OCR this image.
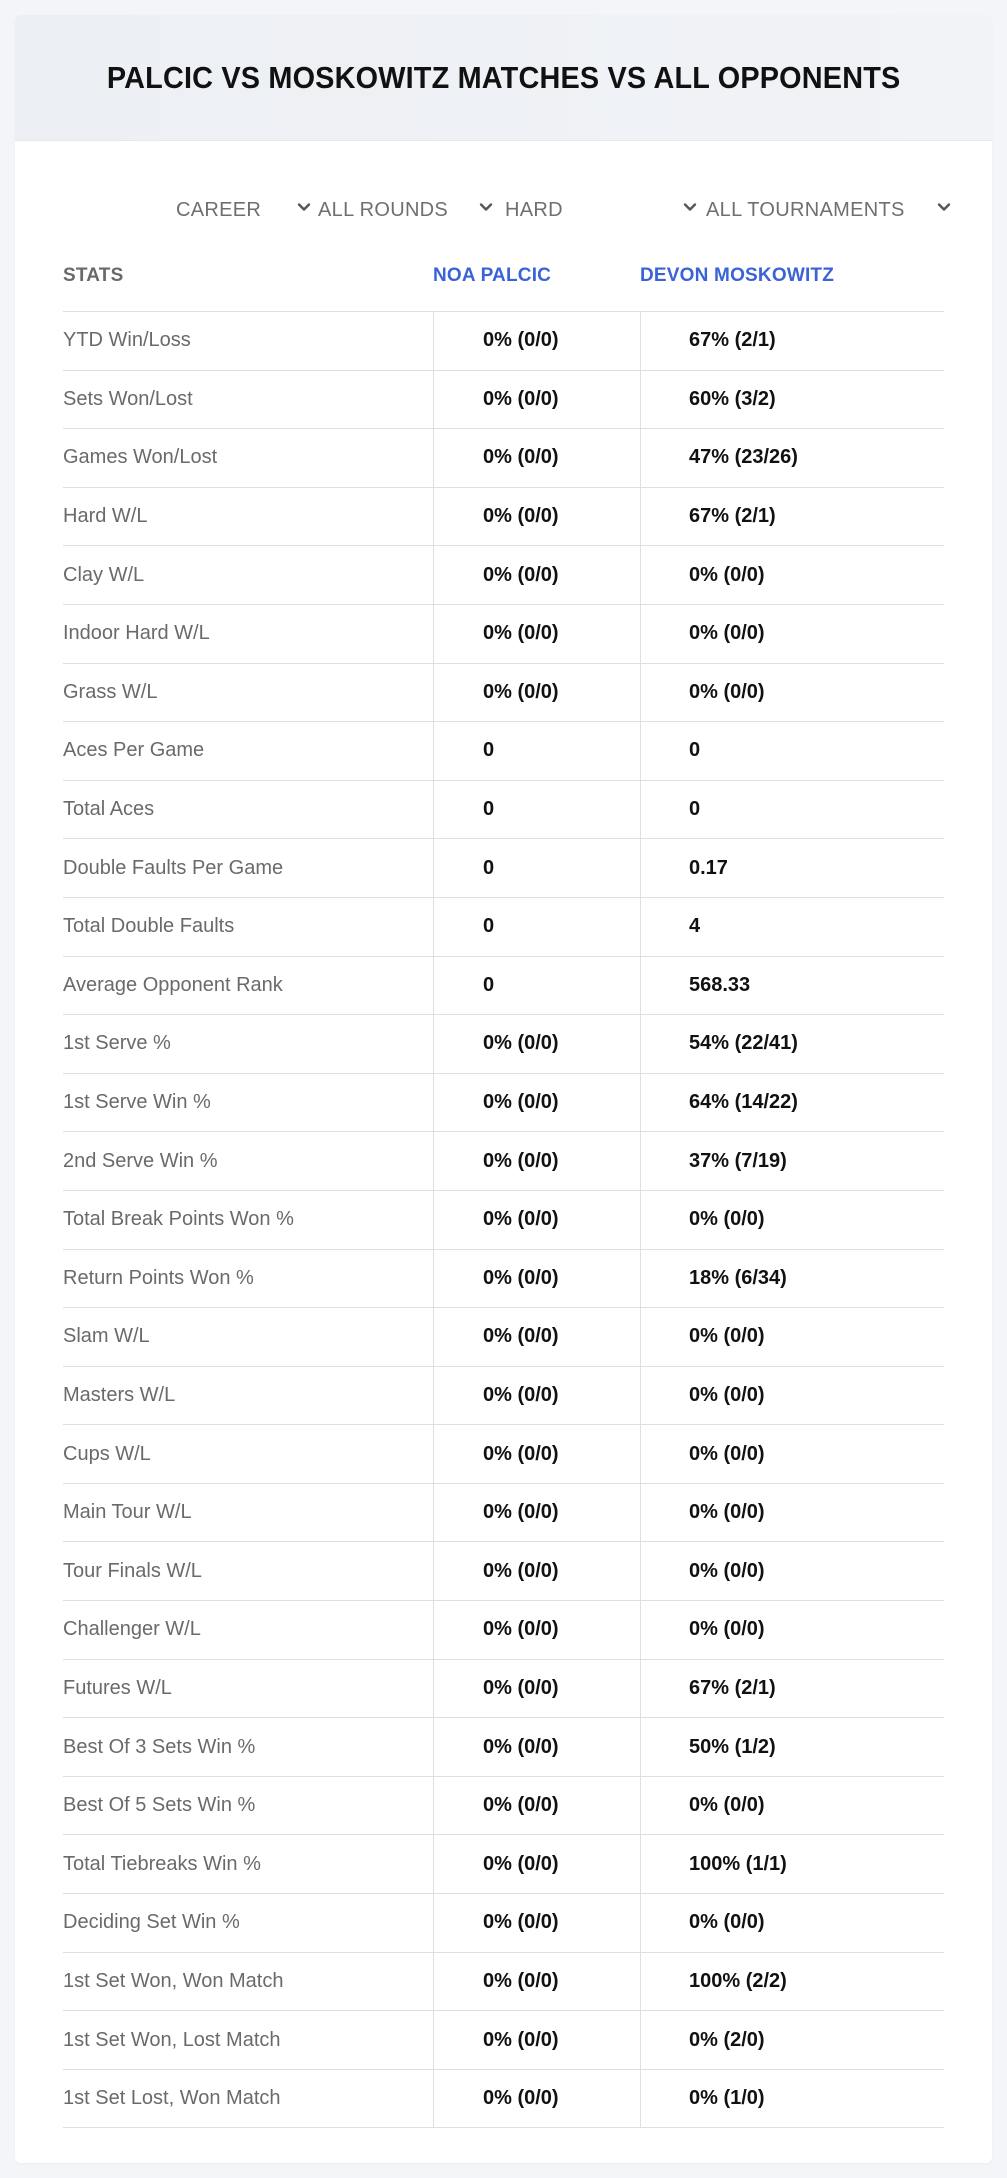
PALCIC VS MOSKOWITZ MATCHES VS ALL OPPONENTS
CAREER	ALL ROUNDS	HARD	ALL TOURNAMENTS
STATS	NOA PALCIC	DEVON MOSKOWITZ
YTD Win/Loss	0% (0/0)	67% (2/1)
Sets Won/Lost	0% (0/0)	60% (3/2)
Games Won/Lost	0% (0/0)	47% (23/26)
Hard W/L	0% (0/0)	67% (2/1)
Clay W/L	0% (0/0)	0% (0/0)
Indoor Hard W/L	0% (0/0)	0% (0/0)
Grass W/L	0% (0/0)	0% (0/0)
Aces Per Game	0	0
Total Aces	0	0
Double Faults Per Game	0	0.17
Total Double Faults	0	4
Average Opponent Rank	0	568.33
1st Serve %	0% (0/0)	54% (22/41)
1st Serve Win %	0% (0/0)	64% (14/22)
2nd Serve Win %	0% (0/0)	37% (7/19)
Total Break Points Won %	0% (0/0)	0% (0/0)
Return Points Won %	0% (0/0)	18% (6/34)
Slam W/L	0% (0/0)	0% (0/0)
Masters W/L	0% (0/0)	0% (0/0)
Cups W/L	0% (0/0)	0% (0/0)
Main Tour W/L	0% (0/0)	0% (0/0)
Tour Finals W/L	0% (0/0)	0% (0/0)
Challenger W/L	0% (0/0)	0% (0/0)
Futures W/L	0% (0/0)	67% (2/1)
Best Of 3 Sets Win %	0% (0/0)	50% (1/2)
Best Of 5 Sets Win %	0% (0/0)	0% (0/0)
Total Tiebreaks Win %	0% (0/0)	100% (1/1)
Deciding Set Win %	0% (0/0)	0% (0/0)
1st Set Won, Won Match	0% (0/0)	100% (2/2)
1st Set Won, Lost Match	0% (0/0)	0% (2/0)
1st Set Lost, Won Match	0% (0/0)	0% (1/0)
